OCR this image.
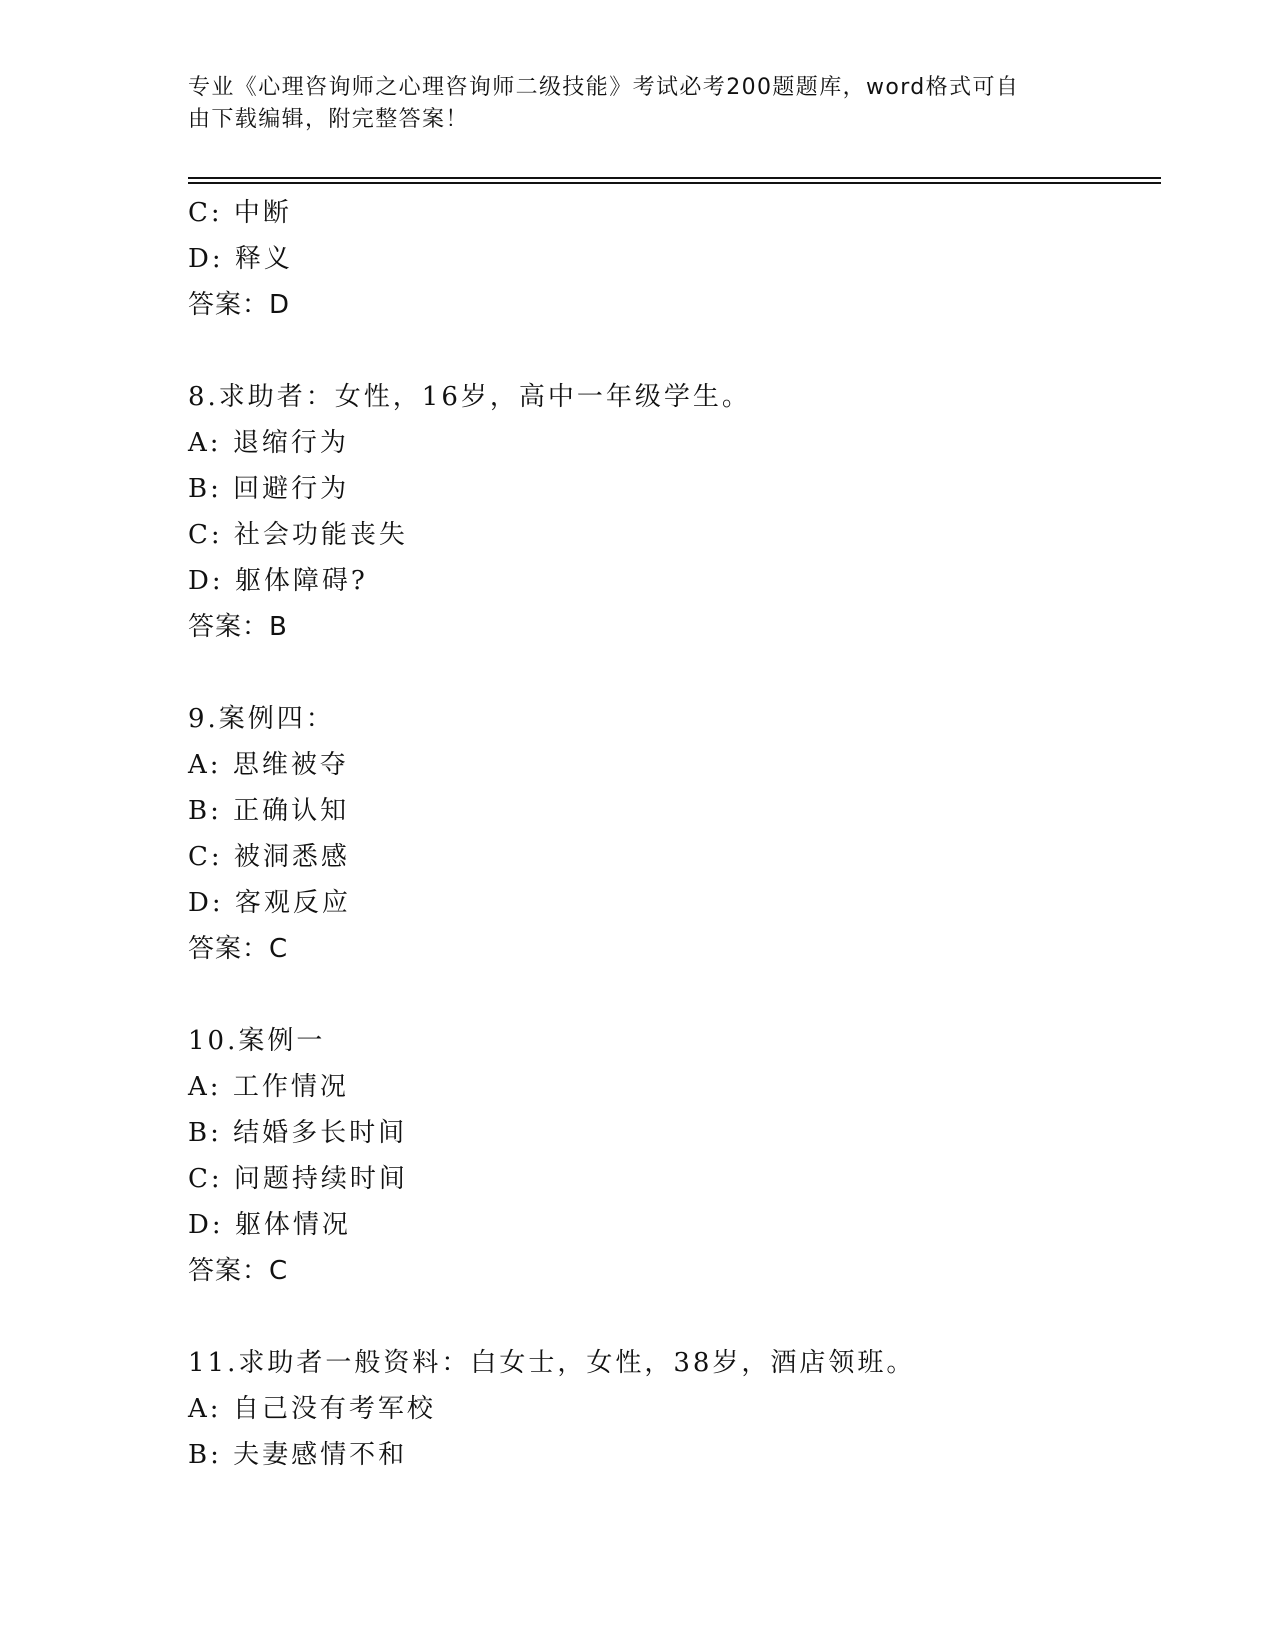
专业《心理咨询师之心理咨询师二级技能》考试必考200题题库，word格式可自
由下载编辑，附完整答案！
C: 中断
D: 释义
答案：D
8.求助者：女性，16岁，高中一年级学生。
A: 退缩行为
B: 回避行为
C: 社会功能丧失
D: 躯体障碍?
答案：B
9.案例四：
A: 思维被夺
B: 正确认知
C: 被洞悉感
D: 客观反应
答案：C
10.案例一
A: 工作情况
B: 结婚多长时间
C: 问题持续时间
D: 躯体情况
答案：C
11.求助者一般资料：白女士，女性，38岁，酒店领班。
A: 自己没有考军校
B: 夫妻感情不和
